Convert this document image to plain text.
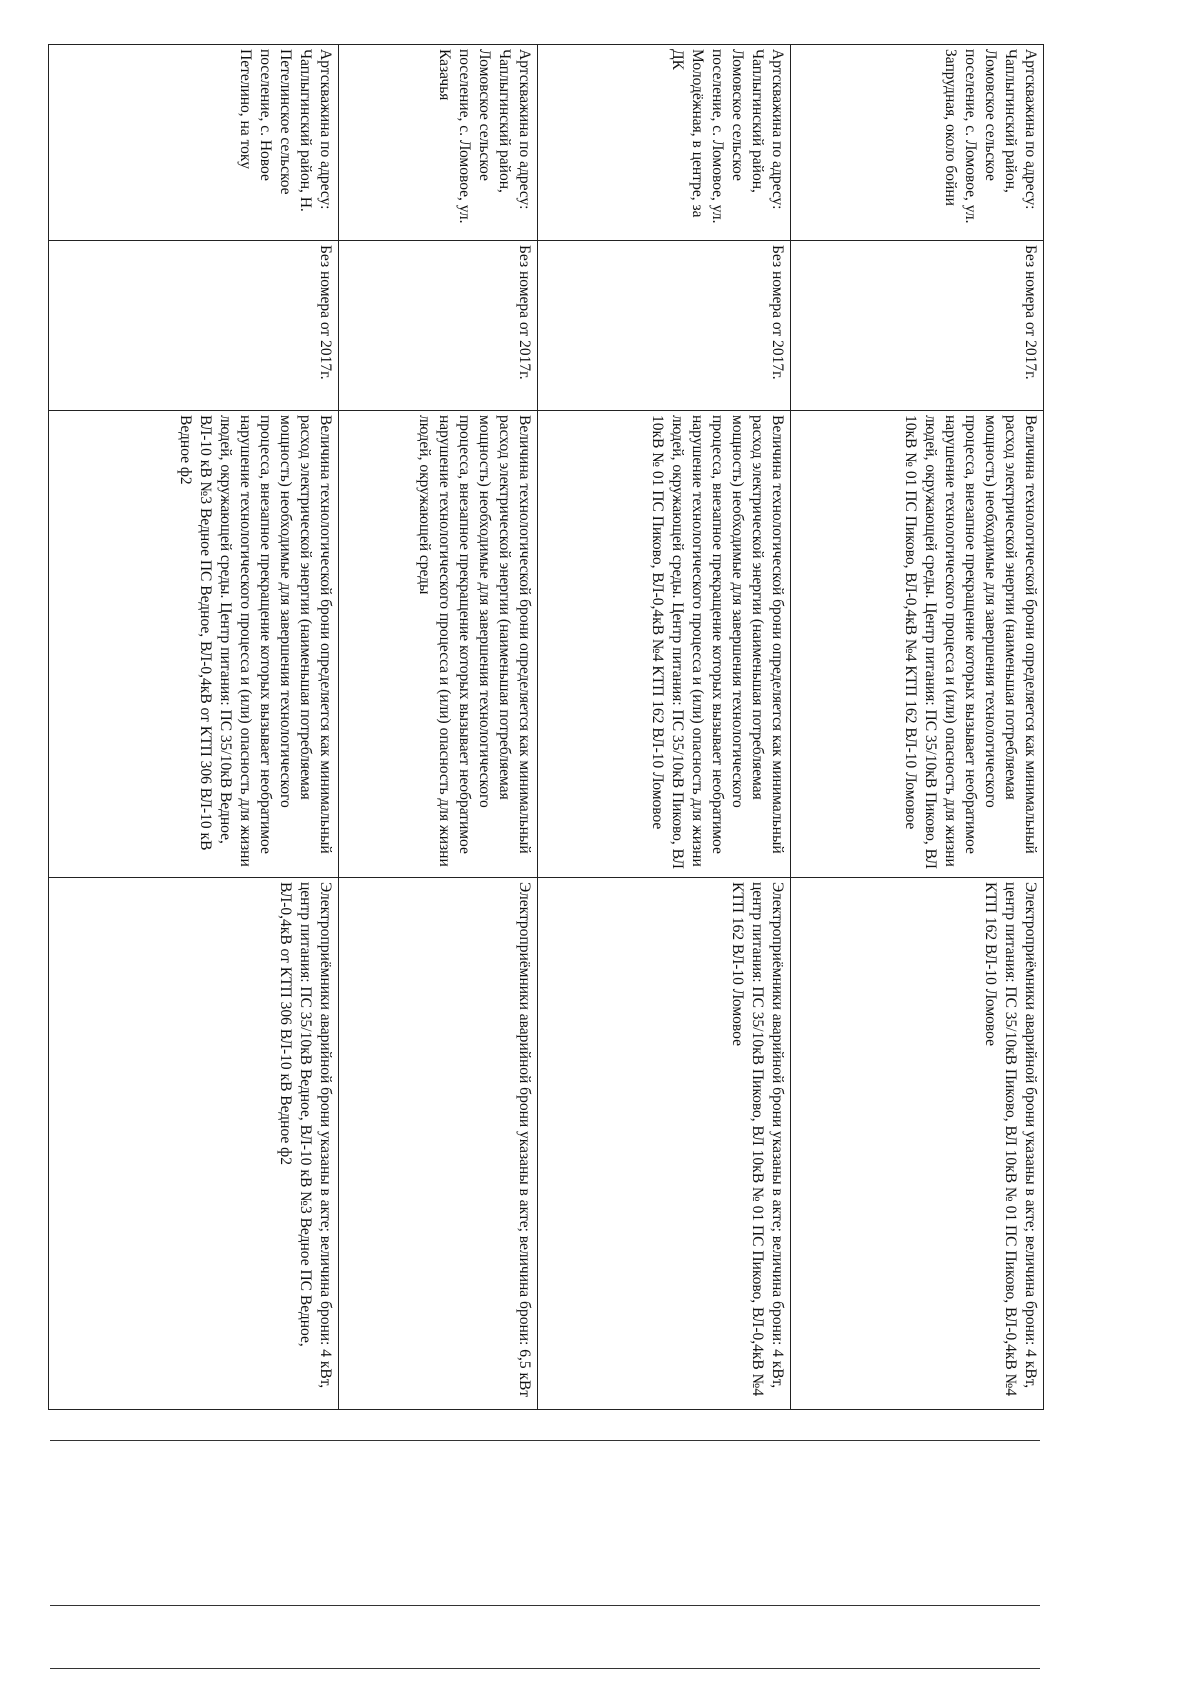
Артскважина по адресу: Чаплыгинский район, Ломовское сельское поселение, с. Ломовое, ул. Запрудная, около бойни	Без номера от 2017г.	Величина технологической брони определяется как минимальный расход электрической энергии (наименьшая потребляемая мощность) необходимые для завершения технологического процесса, внезапное прекращение которых вызывает необратимое нарушение технологического процесса и (или) опасность для жизни людей, окружающей среды. Центр питания: ПС 35/10кВ Пиково, ВЛ 10кВ № 01 ПС Пиково, ВЛ-0,4кВ №4 КТП 162 ВЛ-10 Ломовое	Электроприёмники аварийной брони указаны в акте; величина брони: 4 кВт, центр питания: ПС 35/10кВ Пиково, ВЛ 10кВ № 01 ПС Пиково, ВЛ-0,4кВ №4 КТП 162 ВЛ-10 Ломовое
Артскважина по адресу: Чаплыгинский район, Ломовское сельское поселение, с. Ломовое, ул. Молодёжная, в центре, за ДК	Без номера от 2017г.	Величина технологической брони определяется как минимальный расход электрической энергии (наименьшая потребляемая мощность) необходимые для завершения технологического процесса, внезапное прекращение которых вызывает необратимое нарушение технологического процесса и (или) опасность для жизни людей, окружающей среды. Центр питания: ПС 35/10кВ Пиково, ВЛ 10кВ № 01 ПС Пиково, ВЛ-0,4кВ №4 КТП 162 ВЛ-10 Ломовое	Электроприёмники аварийной брони указаны в акте; величина брони: 4 кВт, центр питания: ПС 35/10кВ Пиково, ВЛ 10кВ № 01 ПС Пиково, ВЛ-0,4кВ №4 КТП 162 ВЛ-10 Ломовое
Артскважина по адресу: Чаплыгинский район, Ломовское сельское поселение, с. Ломовое, ул. Казачья	Без номера от 2017г.	Величина технологической брони определяется как минимальный расход электрической энергии (наименьшая потребляемая мощность) необходимые для завершения технологического процесса, внезапное прекращение которых вызывает необратимое нарушение технологического процесса и (или) опасность для жизни людей, окружающей среды	Электроприёмники аварийной брони указаны в акте; величина брони: 6,5 кВт
Артскважина по адресу: Чаплыгинский район, Н. Петелинское сельское поселение, с. Новое Петелино, на току	Без номера от 2017г.	Величина технологической брони определяется как минимальный расход электрической энергии (наименьшая потребляемая мощность) необходимые для завершения технологического процесса, внезапное прекращение которых вызывает необратимое нарушение технологического процесса и (или) опасность для жизни людей, окружающей среды. Центр питания: ПС 35/10кВ Ведное, ВЛ-10 кВ №3 Ведное ПС Ведное, ВЛ-0,4кВ от КТП 306 ВЛ-10 кВ Ведное ф2	Электроприёмники аварийной брони указаны в акте; величина брони: 4 кВт, центр питания: ПС 35/10кВ Ведное, ВЛ-10 кВ №3 Ведное ПС Ведное, ВЛ-0,4кВ от КТП 306 ВЛ-10 кВ Ведное ф2
